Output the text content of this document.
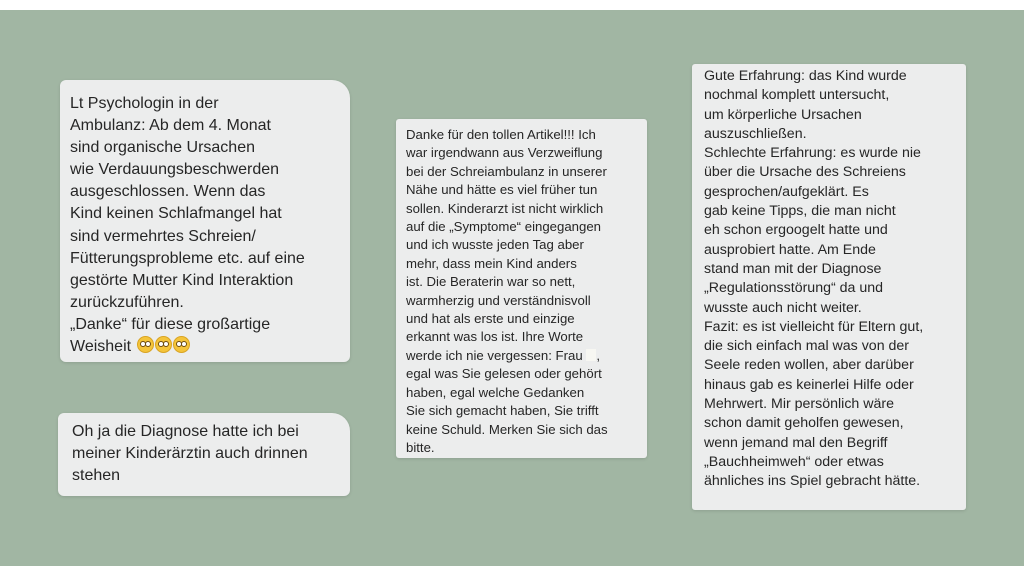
Lt Psychologin in der
Ambulanz: Ab dem 4. Monat
sind organische Ursachen
wie Verdauungsbeschwerden
ausgeschlossen. Wenn das
Kind keinen Schlafmangel hat
sind vermehrtes Schreien/
Fütterungsprobleme etc. auf eine
gestörte Mutter Kind Interaktion
zurückzuführen.
„Danke“ für diese großartige
Weisheit
Oh ja die Diagnose hatte ich bei
meiner Kinderärztin auch drinnen
stehen
Danke für den tollen Artikel!!! Ich
war irgendwann aus Verzweiflung
bei der Schreiambulanz in unserer
Nähe und hätte es viel früher tun
sollen. Kinderarzt ist nicht wirklich
auf die „Symptome“ eingegangen
und ich wusste jeden Tag aber
mehr, dass mein Kind anders
ist. Die Beraterin war so nett,
warmherzig und verständnisvoll
und hat als erste und einzige
erkannt was los ist. Ihre Worte
werde ich nie vergessen: Frau ,
egal was Sie gelesen oder gehört
haben, egal welche Gedanken
Sie sich gemacht haben, Sie trifft
keine Schuld. Merken Sie sich das
bitte.
Gute Erfahrung: das Kind wurde
nochmal komplett untersucht,
um körperliche Ursachen
auszuschließen.
Schlechte Erfahrung: es wurde nie
über die Ursache des Schreiens
gesprochen/aufgeklärt. Es
gab keine Tipps, die man nicht
eh schon ergoogelt hatte und
ausprobiert hatte. Am Ende
stand man mit der Diagnose
„Regulationsstörung“ da und
wusste auch nicht weiter.
Fazit: es ist vielleicht für Eltern gut,
die sich einfach mal was von der
Seele reden wollen, aber darüber
hinaus gab es keinerlei Hilfe oder
Mehrwert. Mir persönlich wäre
schon damit geholfen gewesen,
wenn jemand mal den Begriff
„Bauchheimweh“ oder etwas
ähnliches ins Spiel gebracht hätte.
